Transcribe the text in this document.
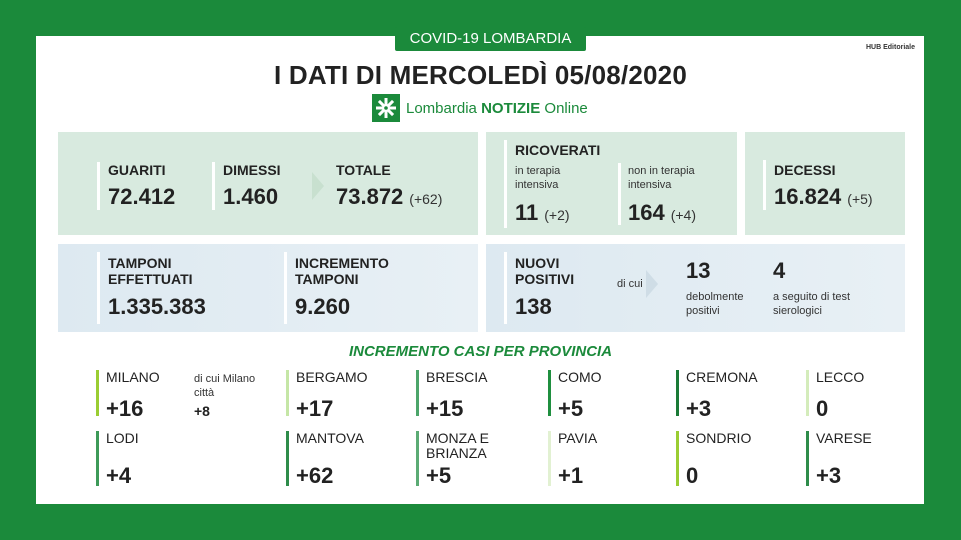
COVID-19 LOMBARDIA
HUB Editoriale
I DATI DI MERCOLEDÌ 05/08/2020
Lombardia NOTIZIE Online
GUARITI
72.412
DIMESSI
1.460
TOTALE
73.872 (+62)
RICOVERATI
in terapia intensiva
11 (+2)
non in terapia intensiva
164 (+4)
DECESSI
16.824 (+5)
TAMPONI EFFETTUATI
1.335.383
INCREMENTO TAMPONI
9.260
NUOVI POSITIVI
138
di cui
13
debolmente positivi
4
a seguito di test sierologici
INCREMENTO CASI PER PROVINCIA
MILANO
+16
di cui Milano città
+8
BERGAMO
+17
BRESCIA
+15
COMO
+5
CREMONA
+3
LECCO
0
LODI
+4
MANTOVA
+62
MONZA E BRIANZA
+5
PAVIA
+1
SONDRIO
0
VARESE
+3
